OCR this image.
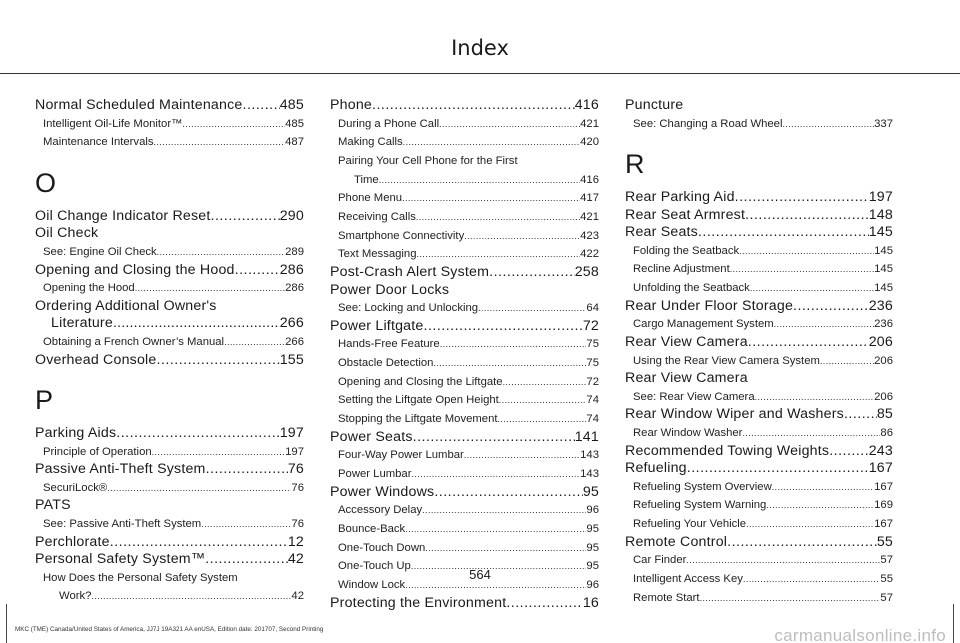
Index
Normal Scheduled Maintenance .....	485
Intelligent Oil-Life Monitor™ .....	485
Maintenance Intervals .....	487
O
Oil Change Indicator Reset .....	290
Oil Check
See: Engine Oil Check .....	289
Opening and Closing the Hood .....	286
Opening the Hood .....	286
Ordering Additional Owner's
Literature .....	266
Obtaining a French Owner’s Manual .....	266
Overhead Console .....	155
P
Parking Aids .....	197
Principle of Operation .....	197
Passive Anti-Theft System .....	76
SecuriLock® .....	76
PATS
See: Passive Anti-Theft System .....	76
Perchlorate .....	12
Personal Safety System™ .....	42
How Does the Personal Safety System
Work? .....	42
Phone .....	416
During a Phone Call .....	421
Making Calls .....	420
Pairing Your Cell Phone for the First
Time .....	416
Phone Menu .....	417
Receiving Calls .....	421
Smartphone Connectivity .....	423
Text Messaging .....	422
Post-Crash Alert System .....	258
Power Door Locks
See: Locking and Unlocking .....	64
Power Liftgate .....	72
Hands-Free Feature .....	75
Obstacle Detection .....	75
Opening and Closing the Liftgate .....	72
Setting the Liftgate Open Height .....	74
Stopping the Liftgate Movement .....	74
Power Seats .....	141
Four-Way Power Lumbar .....	143
Power Lumbar .....	143
Power Windows .....	95
Accessory Delay .....	96
Bounce-Back .....	95
One-Touch Down .....	95
One-Touch Up .....	95
Window Lock .....	96
Protecting the Environment .....	16
Puncture
See: Changing a Road Wheel .....	337
R
Rear Parking Aid .....	197
Rear Seat Armrest .....	148
Rear Seats .....	145
Folding the Seatback .....	145
Recline Adjustment .....	145
Unfolding the Seatback .....	145
Rear Under Floor Storage .....	236
Cargo Management System .....	236
Rear View Camera .....	206
Using the Rear View Camera System .....	206
Rear View Camera
See: Rear View Camera .....	206
Rear Window Wiper and Washers ..... 85
Rear Window Washer .....	86
Recommended Towing Weights .....	243
Refueling .....	167
Refueling System Overview .....	167
Refueling System Warning .....	169
Refueling Your Vehicle .....	167
Remote Control .....	55
Car Finder .....	57
Intelligent Access Key .....	55
Remote Start .....	57
564
MKC (TME) Canada/United States of America, JJ7J 19A321 AA enUSA, Edition date: 201707, Second Printing	carmanualsonline.info
